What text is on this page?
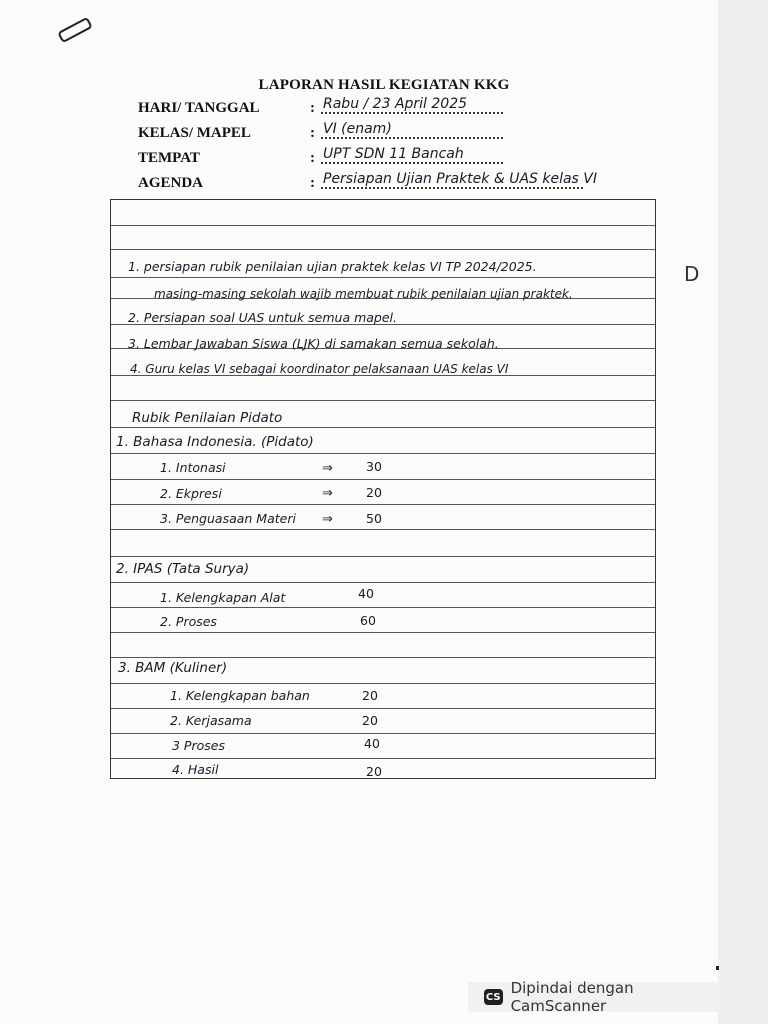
LAPORAN HASIL KEGIATAN KKG
HARI/ TANGGAL	: Rabu / 23 April 2025
KELAS/ MAPEL	: VI (enam)
TEMPAT	: UPT SDN 11 Bancah
AGENDA	: Persiapan Ujian Praktek & UAS kelas VI
1. persiapan rubik penilaian ujian praktek kelas VI TP 2024/2025.
masing-masing sekolah wajib membuat rubik penilaian ujian praktek.
2. Persiapan soal UAS untuk semua mapel.
3. Lembar Jawaban Siswa (LJK) di samakan semua sekolah.
4. Guru kelas VI sebagai koordinator pelaksanaan UAS kelas VI
D
Rubik Penilaian Pidato
1. Bahasa Indonesia. (Pidato)
1. Intonasi	⇒	30
2. Ekpresi	⇒	20
3. Penguasaan Materi ⇒	50
2. IPAS (Tata Surya)
1. Kelengkapan Alat	40
2. Proses	60
3. BAM (Kuliner)
1. Kelengkapan bahan	20
2. Kerjasama	20
3 Proses	40
4. Hasil	20
CS Dipindai dengan CamScanner
